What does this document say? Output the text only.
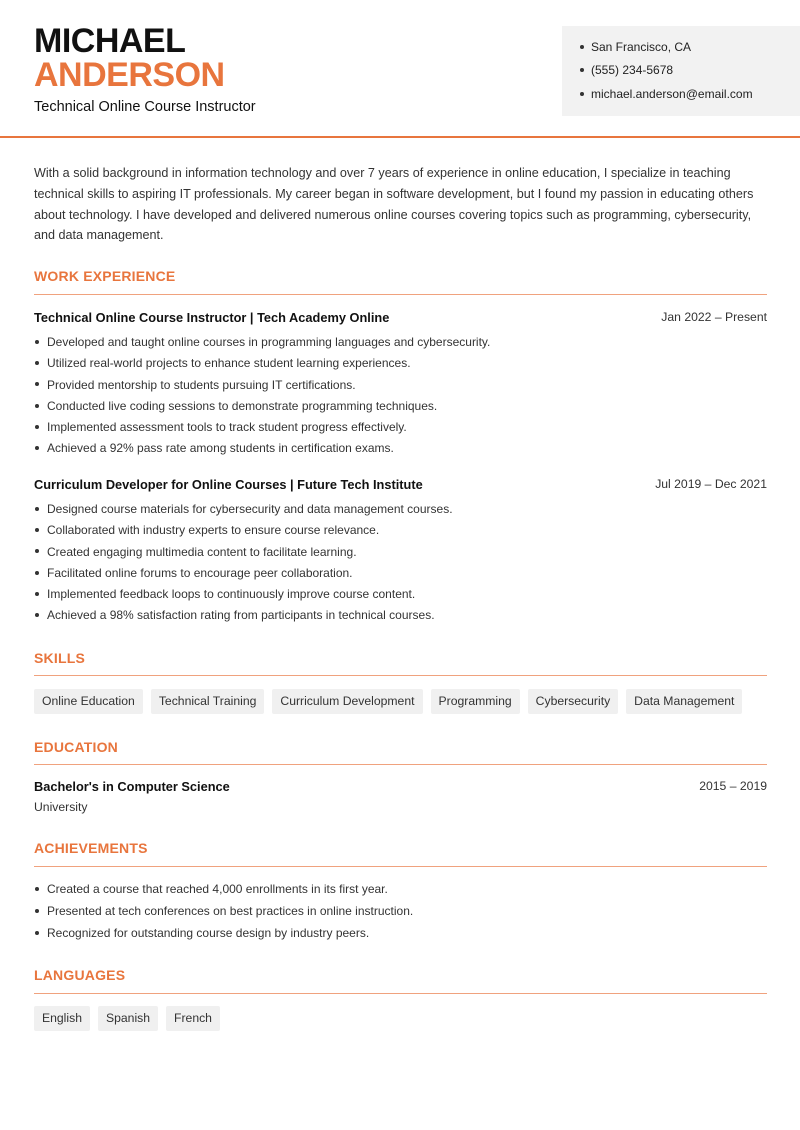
MICHAEL
ANDERSON
Technical Online Course Instructor
San Francisco, CA
(555) 234-5678
michael.anderson@email.com

With a solid background in information technology and over 7 years of experience in online education, I specialize in teaching technical skills to aspiring IT professionals. My career began in software development, but I found my passion in educating others about technology. I have developed and delivered numerous online courses covering topics such as programming, cybersecurity, and data management.

WORK EXPERIENCE
Technical Online Course Instructor | Tech Academy Online	Jan 2022 – Present
Developed and taught online courses in programming languages and cybersecurity.
Utilized real-world projects to enhance student learning experiences.
Provided mentorship to students pursuing IT certifications.
Conducted live coding sessions to demonstrate programming techniques.
Implemented assessment tools to track student progress effectively.
Achieved a 92% pass rate among students in certification exams.
Curriculum Developer for Online Courses | Future Tech Institute	Jul 2019 – Dec 2021
Designed course materials for cybersecurity and data management courses.
Collaborated with industry experts to ensure course relevance.
Created engaging multimedia content to facilitate learning.
Facilitated online forums to encourage peer collaboration.
Implemented feedback loops to continuously improve course content.
Achieved a 98% satisfaction rating from participants in technical courses.
SKILLS
Online Education	Technical Training	Curriculum Development	Programming	Cybersecurity	Data Management
EDUCATION
Bachelor's in Computer Science
University
2015 – 2019
ACHIEVEMENTS
Created a course that reached 4,000 enrollments in its first year.
Presented at tech conferences on best practices in online instruction.
Recognized for outstanding course design by industry peers.
LANGUAGES
English	Spanish	French
